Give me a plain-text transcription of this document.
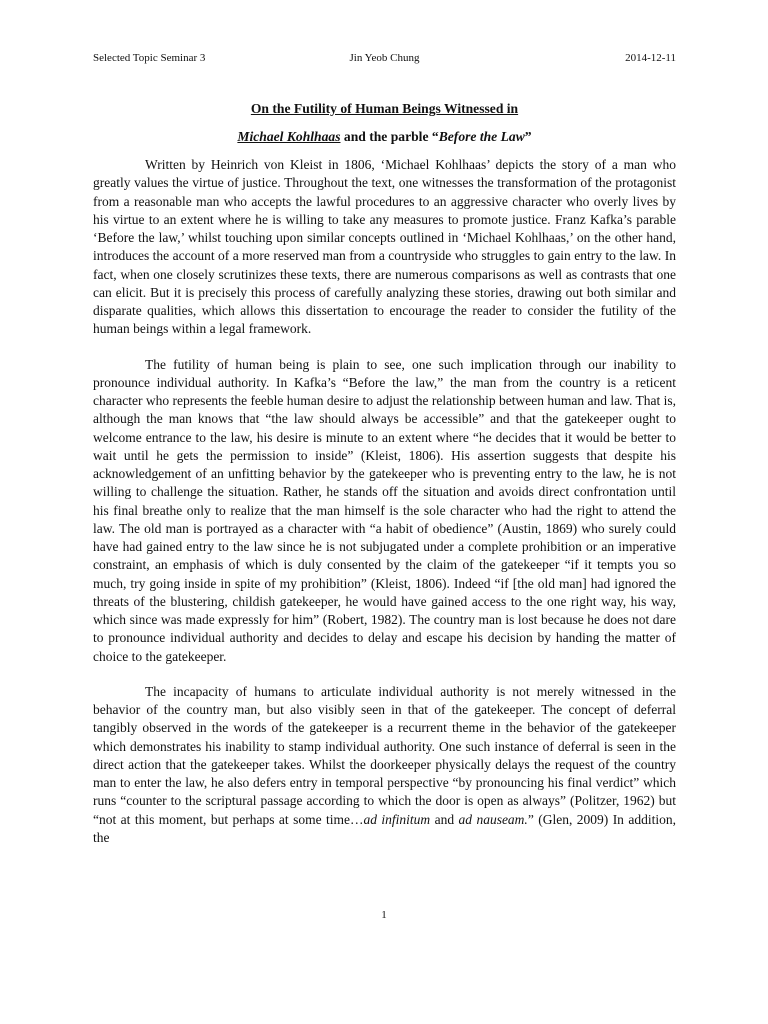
Selected Topic Seminar 3	Jin Yeob Chung	2014-12-11
On the Futility of Human Beings Witnessed in
Michael Kohlhaas and the parble “Before the Law”

Written by Heinrich von Kleist in 1806, ‘Michael Kohlhaas’ depicts the story of a man who greatly values the virtue of justice. Throughout the text, one witnesses the transformation of the protagonist from a reasonable man who accepts the lawful procedures to an aggressive character who overly lives by his virtue to an extent where he is willing to take any measures to promote justice. Franz Kafka’s parable ‘Before the law,’ whilst touching upon similar concepts outlined in ‘Michael Kohlhaas,’ on the other hand, introduces the account of a more reserved man from a countryside who struggles to gain entry to the law. In fact, when one closely scrutinizes these texts, there are numerous comparisons as well as contrasts that one can elicit. But it is precisely this process of carefully analyzing these stories, drawing out both similar and disparate qualities, which allows this dissertation to encourage the reader to consider the futility of the human beings within a legal framework.

The futility of human being is plain to see, one such implication through our inability to pronounce individual authority. In Kafka’s “Before the law,” the man from the country is a reticent character who represents the feeble human desire to adjust the relationship between human and law. That is, although the man knows that “the law should always be accessible” and that the gatekeeper ought to welcome entrance to the law, his desire is minute to an extent where “he decides that it would be better to wait until he gets the permission to inside” (Kleist, 1806). His assertion suggests that despite his acknowledgement of an unfitting behavior by the gatekeeper who is preventing entry to the law, he is not willing to challenge the situation. Rather, he stands off the situation and avoids direct confrontation until his final breathe only to realize that the man himself is the sole character who had the right to attend the law. The old man is portrayed as a character with “a habit of obedience” (Austin, 1869) who surely could have had gained entry to the law since he is not subjugated under a complete prohibition or an imperative constraint, an emphasis of which is duly consented by the claim of the gatekeeper “if it tempts you so much, try going inside in spite of my prohibition” (Kleist, 1806). Indeed “if [the old man] had ignored the threats of the blustering, childish gatekeeper, he would have gained access to the one right way, his way, which since was made expressly for him” (Robert, 1982). The country man is lost because he does not dare to pronounce individual authority and decides to delay and escape his decision by handing the matter of choice to the gatekeeper.

The incapacity of humans to articulate individual authority is not merely witnessed in the behavior of the country man, but also visibly seen in that of the gatekeeper. The concept of deferral tangibly observed in the words of the gatekeeper is a recurrent theme in the behavior of the gatekeeper which demonstrates his inability to stamp individual authority. One such instance of deferral is seen in the direct action that the gatekeeper takes. Whilst the doorkeeper physically delays the request of the country man to enter the law, he also defers entry in temporal perspective “by pronouncing his final verdict” which runs “counter to the scriptural passage according to which the door is open as always” (Politzer, 1962) but “not at this moment, but perhaps at some time…ad infinitum and ad nauseam.” (Glen, 2009) In addition, the

1
